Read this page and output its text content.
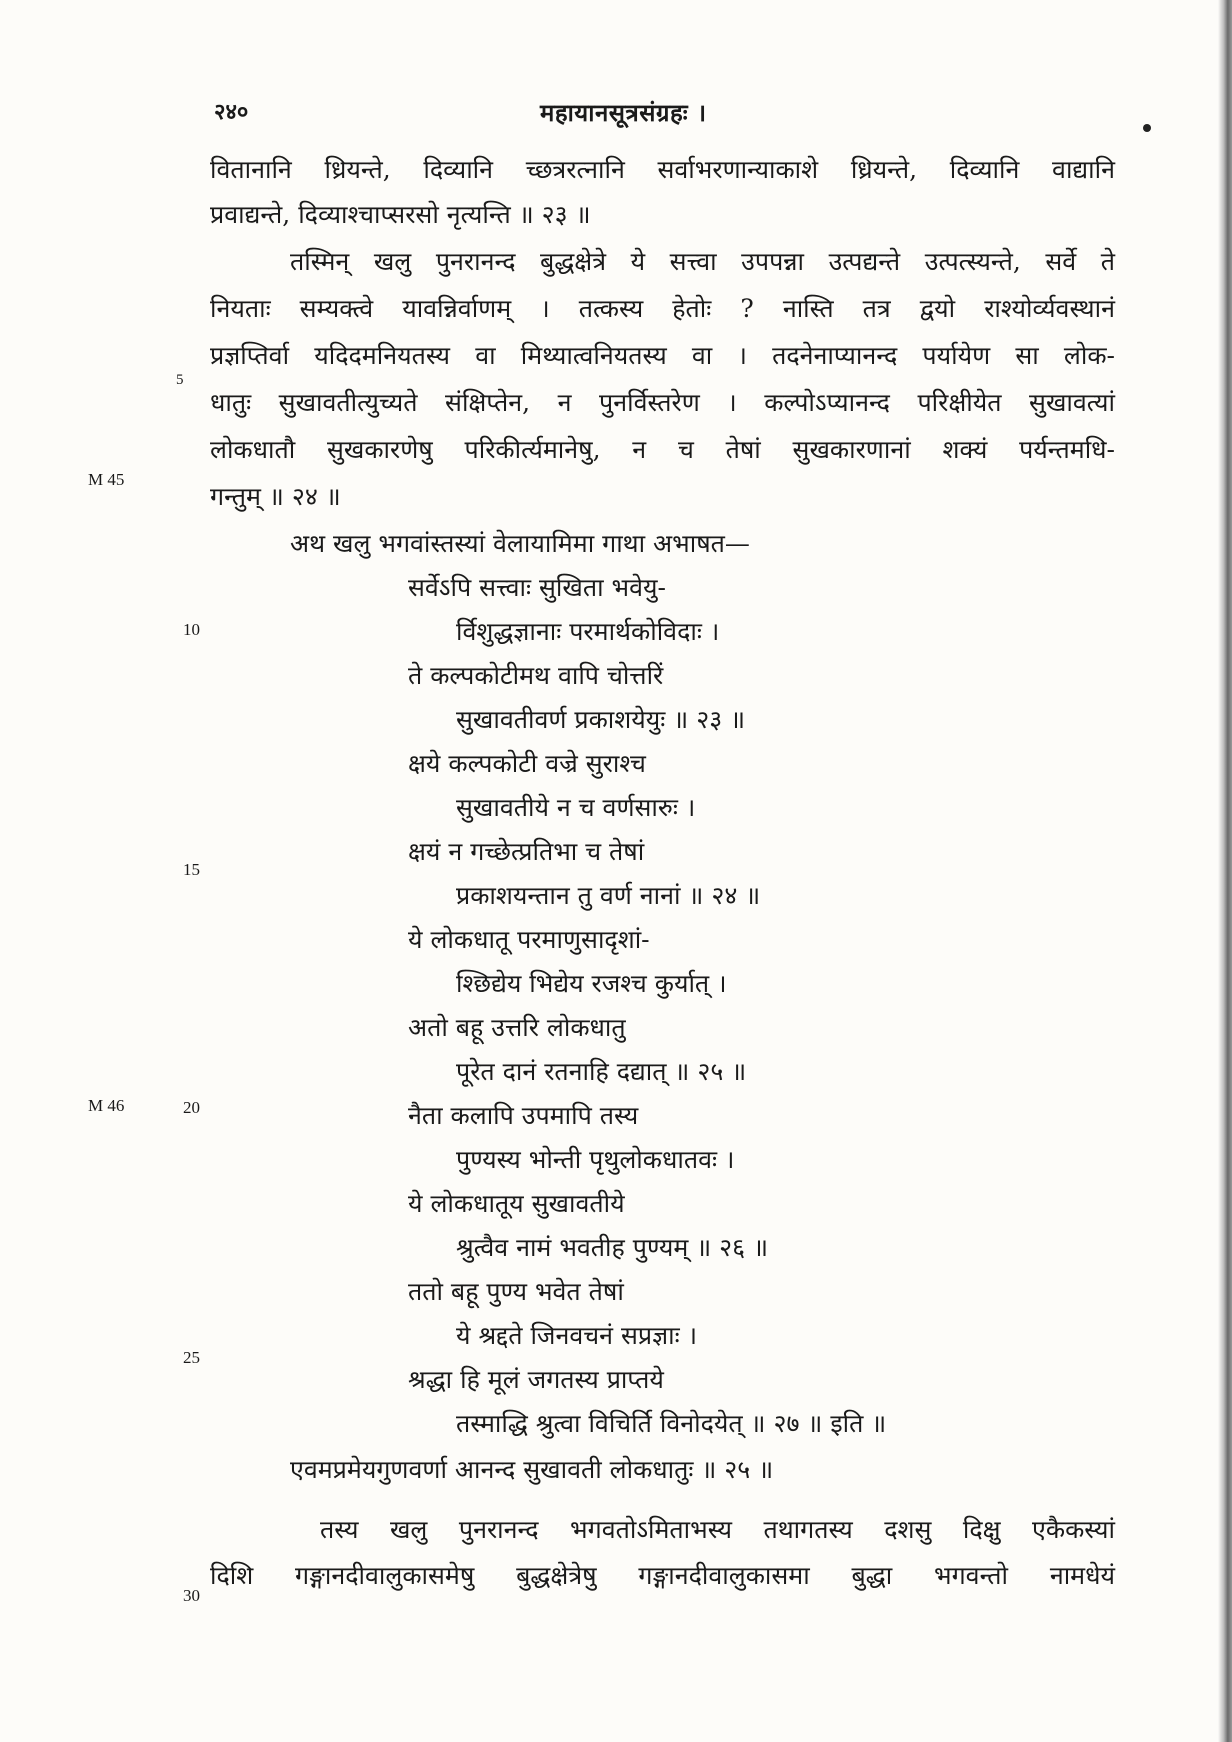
२४०	महायानसूत्रसंग्रहः ।
वितानानि ध्रियन्ते, दिव्यानि च्छत्ररत्नानि सर्वाभरणान्याकाशे ध्रियन्ते, दिव्यानि वाद्यानि
प्रवाद्यन्ते, दिव्याश्चाप्सरसो नृत्यन्ति ॥ २३ ॥
तस्मिन् खलु पुनरानन्द बुद्धक्षेत्रे ये सत्त्वा उपपन्ना उत्पद्यन्ते उत्पत्स्यन्ते, सर्वे ते
नियताः सम्यक्त्वे यावन्निर्वाणम् । तत्कस्य हेतोः ? नास्ति तत्र द्वयो राश्योर्व्यवस्थानं
प्रज्ञप्तिर्वा यदिदमनियतस्य वा मिथ्यात्वनियतस्य वा । तदनेनाप्यानन्द पर्यायेण सा लोक-
धातुः सुखावतीत्युच्यते संक्षिप्तेन, न पुनर्विस्तरेण । कल्पोऽप्यानन्द परिक्षीयेत सुखावत्यां
लोकधातौ सुखकारणेषु परिकीर्त्यमानेषु, न च तेषां सुखकारणानां शक्यं पर्यन्तमधि-
गन्तुम् ॥ २४ ॥
अथ खलु भगवांस्तस्यां वेलायामिमा गाथा अभाषत—
सर्वेऽपि सत्त्वाः सुखिता भवेयु-
र्विशुद्धज्ञानाः परमार्थकोविदाः ।
ते कल्पकोटीमथ वापि चोत्तरिं
सुखावतीवर्ण प्रकाशयेयुः ॥ २३ ॥
क्षये कल्पकोटी वज्रे सुराश्च
सुखावतीये न च वर्णसारुः ।
क्षयं न गच्छेत्प्रतिभा च तेषां
प्रकाशयन्तान तु वर्ण नानां ॥ २४ ॥
ये लोकधातू परमाणुसादृशां-
श्छिद्येय भिद्येय रजश्च कुर्यात् ।
अतो बहू उत्तरि लोकधातु
पूरेत दानं रतनाहि दद्यात् ॥ २५ ॥
नैता कलापि उपमापि तस्य
पुण्यस्य भोन्ती पृथुलोकधातवः ।
ये लोकधातूय सुखावतीये
श्रुत्वैव नामं भवतीह पुण्यम् ॥ २६ ॥
ततो बहू पुण्य भवेत तेषां
ये श्रद्दते जिनवचनं सप्रज्ञाः ।
श्रद्धा हि मूलं जगतस्य प्राप्तये
तस्माद्धि श्रुत्वा विचिर्ति विनोदयेत् ॥ २७ ॥ इति ॥
एवमप्रमेयगुणवर्णा आनन्द सुखावती लोकधातुः ॥ २५ ॥
तस्य खलु पुनरानन्द भगवतोऽमिताभस्य तथागतस्य दशसु दिक्षु एकैकस्यां
दिशि गङ्गानदीवालुकासमेषु बुद्धक्षेत्रेषु गङ्गानदीवालुकासमा बुद्धा भगवन्तो नामधेयं
5
M 45
10
15
M 46	20
25
30
